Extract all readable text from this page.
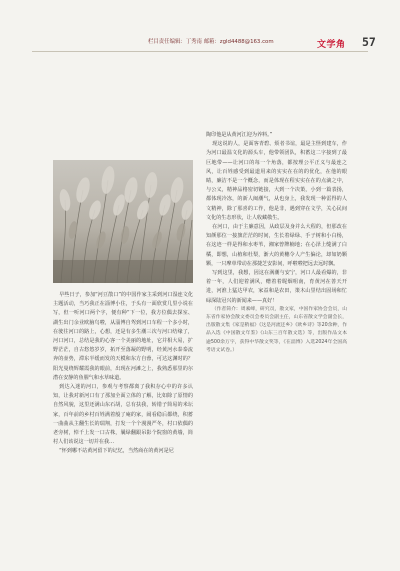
栏目责任编辑：丁秀南 邮箱：zgld4488@163.com	文学角 57

早些日子，参加“河豆散口”的中国作家主采到河口湿连文化主题活动，当巧我正在淄博小住，于头有一面欣赏几里小说在写，但一听河口两个字，便有种“下一位，我方位偶去探室、湖生出门余业欧脑鸟啦，从淄博自驾到河口车程一个多小时，在驶往河口的路上，心想，还是有多生潮三次与河口结缘了，河口河口，总结是我的心客一个美丽的地址，它并相大易，扩野茫茫，自古悠悠岁岁，拓开至落凝的野明，经黄河水泰泰流奔的壶势，滞东半缓而发的天模和东方自蓉，可达这渊时的？阳光曼绕辉耀霞我的眼前，出现在河滩之上，我熟悉那里的尔潜在安静的鱼腥气和水草味道。

到达入迷的河口，参观与考察都离了我积存心中的许多认知，让我对新河口有了那加全面立体的了解，比如除了原情的自然风貌，这里还满山东石胡，总有扶我，转错子简易的米坛家，百年前的乡村百姓满着般了庵的家，闹看稳后都绕，积蓄一曲曲从主翻生长的瑞翔，打发一个个漫漫严冬，村口依偶的老旁树，悼千上发一口古株，曩绿翻跟吊影个院窗的黄墙，简村人们该说这一切并在我…

“怀到哪不站黄河留下的记忆，当然商在的黄河是尼

陶印他是从黄河江迎为养料。”

现这说的人，是面客青碧、烦者书谊，最是主怪到建车，作为河口最温文化的源头车，他带领团队，积蓄这二字接到了最巨地带——让河口的每一个角落，都按理公平正义与最连之风，让百姓感受到最道用来的实实在在的的优化，在他的眼睛，廉洁不是一个概念，而是体现在程实实在在的点滴之中，与公义，精神品格密切链接，大到一个决策，小到一篇表扬，都体现冷冻，的新人闽潮气，从也身上，我发现一种雷得的人文精神，除了那喜的工作，他是非，遇到穿在文学，关心民间文化的生态形状，让人收藏敬生。

在河口，由于主廉意因，从政层及身并么大程的，但那改在知颜那位一接旗茫茫的时间，生长着绿绿、手子树和小白杨，在这迹一样是得和水枣苇，湘家曾牌楠地；在心泽上缝满了白橘，即想，山植和杜梨，渐大的黄穗令人产生偏论，却如奶颗颗，一只摩单带动在那捷芝安影间，呼啦啦把远去远时飘。

写到这里，我想，因这在满潮与安宁，河口人最看爆的，非着一年，人们迎着满风，赠着着昵烟咀南，育黄河在善天开进，河淮上猛达甲农，家益和是农田，策木山里结出固场和忙碌深陆冠兴的新闻来——真好！

（作者简介：周素峰，研究员，散文家，中国作家协会会员，山东省作家协会散文委员会委员会副主任，山东省散文学会副会长，出版散文集《家是稍福》《这是河流还乡》《欧乡诗》等20余种，作品入选《中国散文年鉴》《山东三百年散文选》等，出版作品文本逾500余万字，获得中华散文奖等，《在淄博》入选2024年全国高考语文试卷。）
